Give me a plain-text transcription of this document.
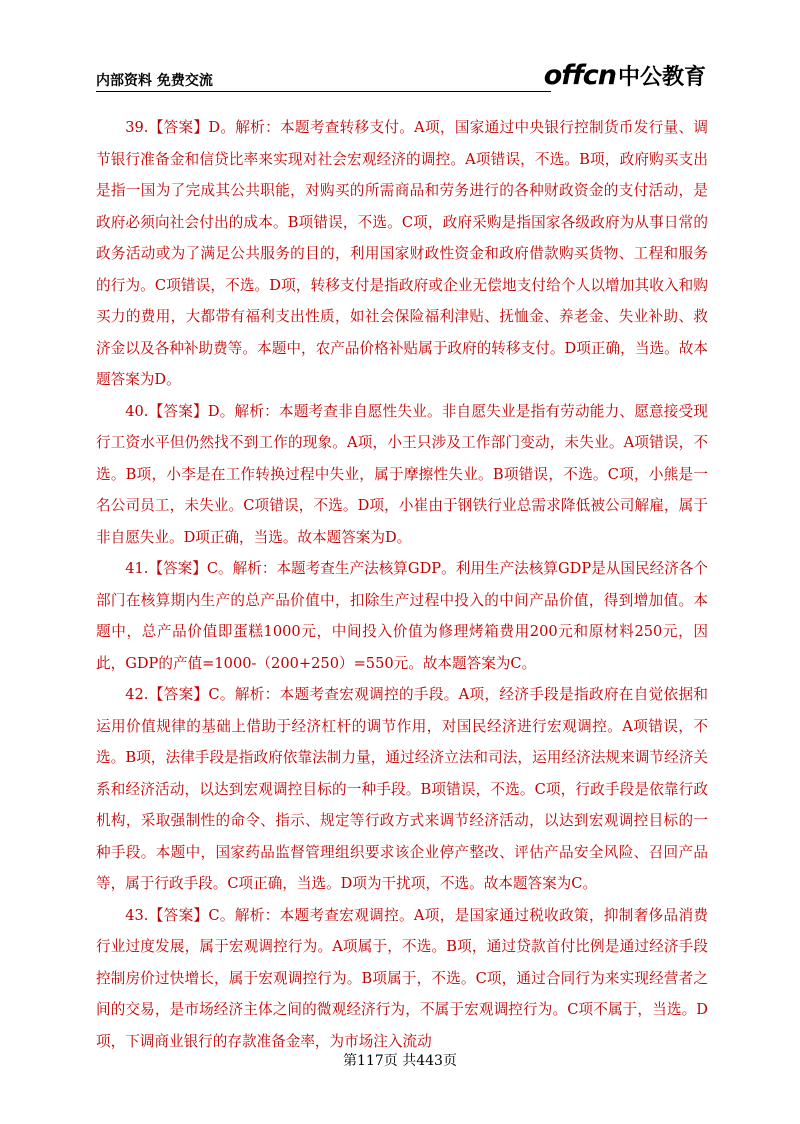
内部资料 免费交流	offcn中公教育

39.【答案】D。解析：本题考查转移支付。A项，国家通过中央银行控制货币发行量、调节银行准备金和信贷比率来实现对社会宏观经济的调控。A项错误，不选。B项，政府购买支出是指一国为了完成其公共职能，对购买的所需商品和劳务进行的各种财政资金的支付活动，是政府必须向社会付出的成本。B项错误，不选。C项，政府采购是指国家各级政府为从事日常的政务活动或为了满足公共服务的目的，利用国家财政性资金和政府借款购买货物、工程和服务的行为。C项错误，不选。D项，转移支付是指政府或企业无偿地支付给个人以增加其收入和购买力的费用，大都带有福利支出性质，如社会保险福利津贴、抚恤金、养老金、失业补助、救济金以及各种补助费等。本题中，农产品价格补贴属于政府的转移支付。D项正确，当选。故本题答案为D。

40.【答案】D。解析：本题考查非自愿性失业。非自愿失业是指有劳动能力、愿意接受现行工资水平但仍然找不到工作的现象。A项，小王只涉及工作部门变动，未失业。A项错误，不选。B项，小李是在工作转换过程中失业，属于摩擦性失业。B项错误，不选。C项，小熊是一名公司员工，未失业。C项错误，不选。D项，小崔由于钢铁行业总需求降低被公司解雇，属于非自愿失业。D项正确，当选。故本题答案为D。

41.【答案】C。解析：本题考查生产法核算GDP。利用生产法核算GDP是从国民经济各个部门在核算期内生产的总产品价值中，扣除生产过程中投入的中间产品价值，得到增加值。本题中，总产品价值即蛋糕1000元，中间投入价值为修理烤箱费用200元和原材料250元，因此，GDP的产值=1000-（200+250）=550元。故本题答案为C。

42.【答案】C。解析：本题考查宏观调控的手段。A项，经济手段是指政府在自觉依据和运用价值规律的基础上借助于经济杠杆的调节作用，对国民经济进行宏观调控。A项错误，不选。B项，法律手段是指政府依靠法制力量，通过经济立法和司法，运用经济法规来调节经济关系和经济活动，以达到宏观调控目标的一种手段。B项错误，不选。C项，行政手段是依靠行政机构，采取强制性的命令、指示、规定等行政方式来调节经济活动，以达到宏观调控目标的一种手段。本题中，国家药品监督管理组织要求该企业停产整改、评估产品安全风险、召回产品等，属于行政手段。C项正确，当选。D项为干扰项，不选。故本题答案为C。

43.【答案】C。解析：本题考查宏观调控。A项，是国家通过税收政策，抑制奢侈品消费行业过度发展，属于宏观调控行为。A项属于，不选。B项，通过贷款首付比例是通过经济手段控制房价过快增长，属于宏观调控行为。B项属于，不选。C项，通过合同行为来实现经营者之间的交易，是市场经济主体之间的微观经济行为，不属于宏观调控行为。C项不属于，当选。D项，下调商业银行的存款准备金率，为市场注入流动

第117页 共443页
